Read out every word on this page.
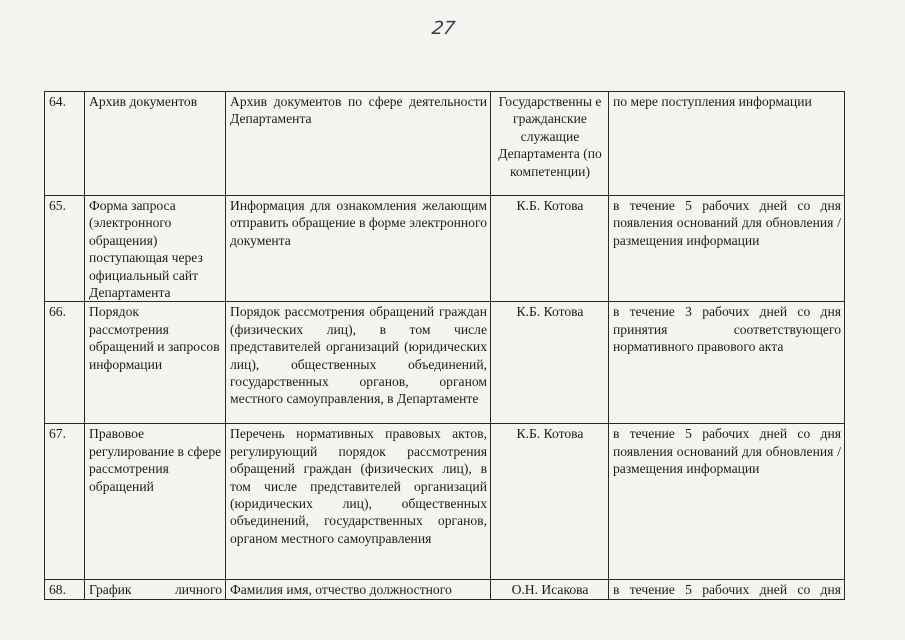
27
64.	Архив документов	Архив документов по сфере деятельности Департамента	Государственны е гражданские служащие Департамента (по компетенции)	по мере поступления информации
65.	Форма запроса (электронного обращения) поступающая через официальный сайт Департамента	Информация для ознакомления желающим отправить обращение в форме электронного документа	К.Б. Котова	в течение 5 рабочих дней со дня появления оснований для обновления /размещения информации
66.	Порядок рассмотрения обращений и запросов информации	Порядок рассмотрения обращений граждан (физических лиц), в том числе представителей организаций (юридических лиц), общественных объединений, государственных органов, органом местного самоуправления, в Департаменте	К.Б. Котова	в течение 3 рабочих дней со дня принятия соответствующего нормативного правового акта
67.	Правовое регулирование в сфере рассмотрения обращений	Перечень нормативных правовых актов, регулирующий порядок рассмотрения обращений граждан (физических лиц), в том числе представителей организаций (юридических лиц), общественных объединений, государственных органов, органом местного самоуправления	К.Б. Котова	в течение 5 рабочих дней со дня появления оснований для обновления /размещения информации
68.	График личного	Фамилия имя, отчество должностного	О.Н. Исакова	в течение 5 рабочих дней со дня
